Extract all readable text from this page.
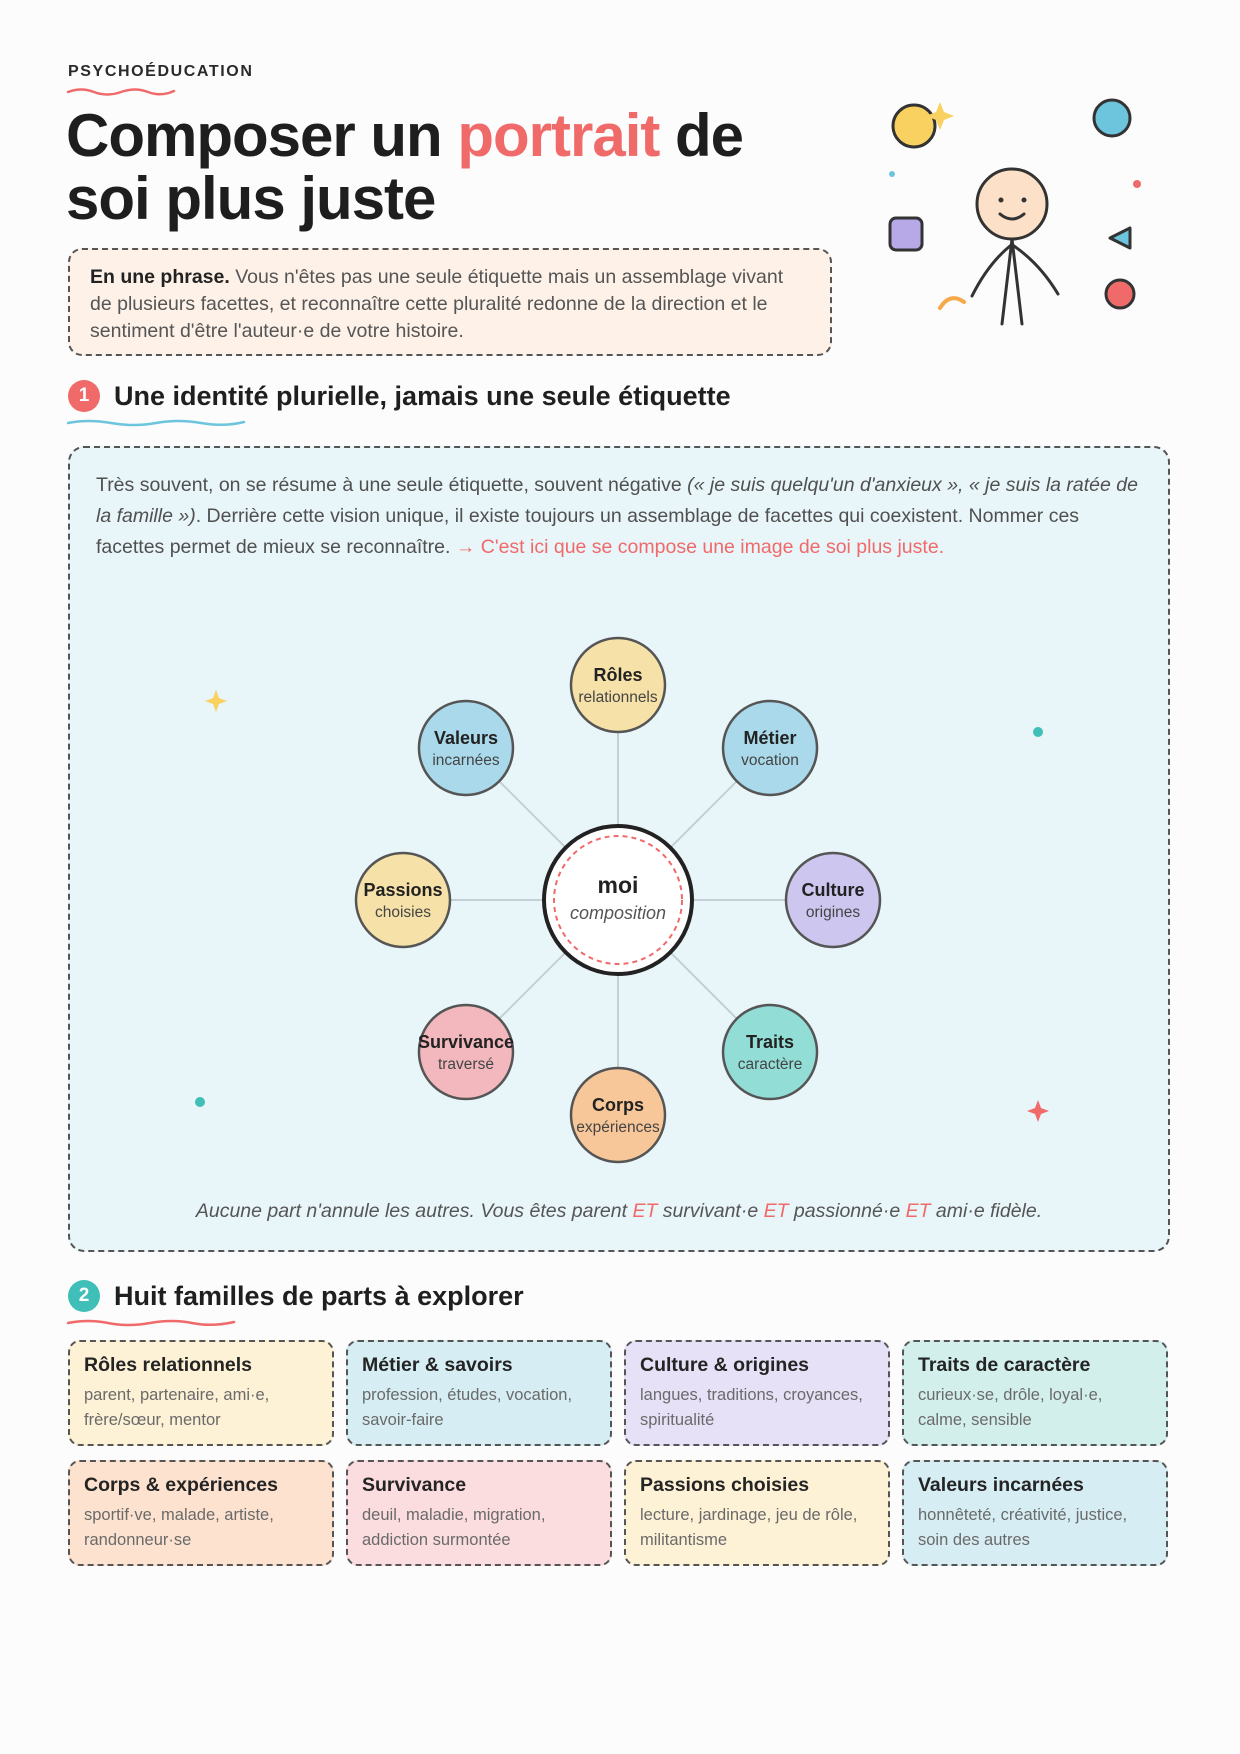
PSYCHOÉDUCATION
Composer un portrait de
soi plus juste
En une phrase. Vous n'êtes pas une seule étiquette mais un assemblage vivant de plusieurs facettes, et reconnaître cette pluralité redonne de la direction et le sentiment d'être l'auteur·e de votre histoire.
1 Une identité plurielle, jamais une seule étiquette

Très souvent, on se résume à une seule étiquette, souvent négative (« je suis quelqu'un d'anxieux », « je suis la ratée de la famille »). Derrière cette vision unique, il existe toujours un assemblage de facettes qui coexistent. Nommer ces facettes permet de mieux se reconnaître. → C'est ici que se compose une image de soi plus juste.

Rôles
relationnels
Métier
vocation
Culture
origines
Traits
caractère
Corps
expériences
Survivance
traversé
Passions
choisies
Valeurs
incarnées
moi
composition
Aucune part n'annule les autres. Vous êtes parent ET survivant·e ET passionné·e ET ami·e fidèle.
2 Huit familles de parts à explorer
Rôles relationnels
parent, partenaire, ami·e, frère/sœur, mentor
Métier & savoirs
profession, études, vocation, savoir-faire
Culture & origines
langues, traditions, croyances, spiritualité
Traits de caractère
curieux·se, drôle, loyal·e, calme, sensible
Corps & expériences
sportif·ve, malade, artiste, randonneur·se
Survivance
deuil, maladie, migration, addiction surmontée
Passions choisies
lecture, jardinage, jeu de rôle, militantisme
Valeurs incarnées
honnêteté, créativité, justice, soin des autres
